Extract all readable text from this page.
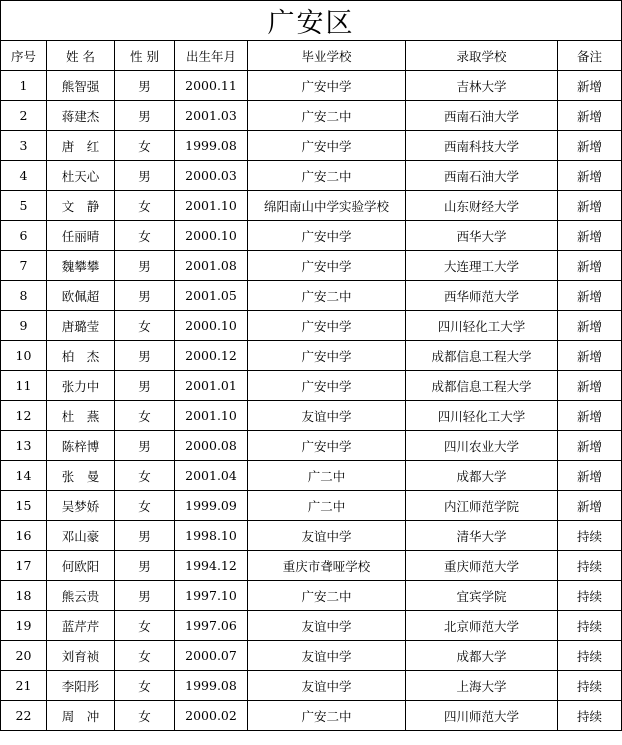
广安区						
序号	姓 名	性 别	出生年月	毕业学校	录取学校	备注
1	熊智强	男	2000.11	广安中学	吉林大学	新增
2	蒋建杰	男	2001.03	广安二中	西南石油大学	新增
3	唐　红	女	1999.08	广安中学	西南科技大学	新增
4	杜天心	男	2000.03	广安二中	西南石油大学	新增
5	文　静	女	2001.10	绵阳南山中学实验学校	山东财经大学	新增
6	任丽晴	女	2000.10	广安中学	西华大学	新增
7	魏攀攀	男	2001.08	广安中学	大连理工大学	新增
8	欧佩超	男	2001.05	广安二中	西华师范大学	新增
9	唐璐莹	女	2000.10	广安中学	四川轻化工大学	新增
10	柏　杰	男	2000.12	广安中学	成都信息工程大学	新增
11	张力中	男	2001.01	广安中学	成都信息工程大学	新增
12	杜　燕	女	2001.10	友谊中学	四川轻化工大学	新增
13	陈梓博	男	2000.08	广安中学	四川农业大学	新增
14	张　曼	女	2001.04	广二中	成都大学	新增
15	吴梦娇	女	1999.09	广二中	内江师范学院	新增
16	邓山豪	男	1998.10	友谊中学	清华大学	持续
17	何欧阳	男	1994.12	重庆市聋哑学校	重庆师范大学	持续
18	熊云贵	男	1997.10	广安二中	宜宾学院	持续
19	蓝芹芹	女	1997.06	友谊中学	北京师范大学	持续
20	刘育祯	女	2000.07	友谊中学	成都大学	持续
21	李阳彤	女	1999.08	友谊中学	上海大学	持续
22	周　冲	女	2000.02	广安二中	四川师范大学	持续
